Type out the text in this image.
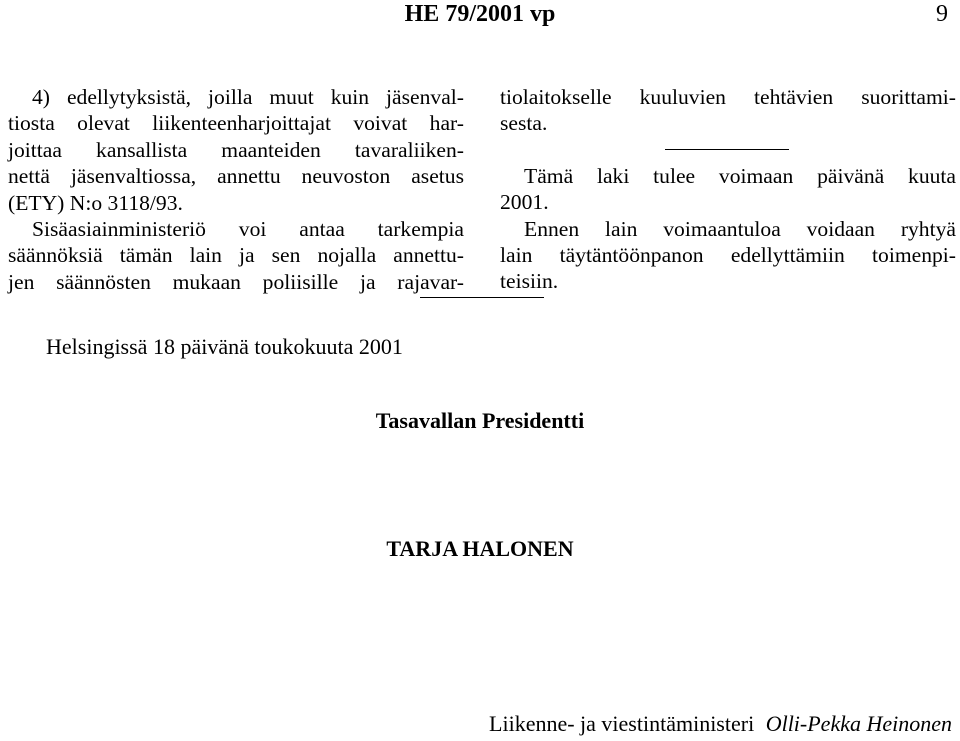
HE 79/2001 vp	9
4) edellytyksistä, joilla muut kuin jäsenval-
tiosta olevat liikenteenharjoittajat voivat har-
joittaa kansallista maanteiden tavaraliiken-
nettä jäsenvaltiossa, annettu neuvoston asetus
(ETY) N:o 3118/93.
Sisäasiainministeriö voi antaa tarkempia
säännöksiä tämän lain ja sen nojalla annettu-
jen säännösten mukaan poliisille ja rajavar-
tiolaitokselle kuuluvien tehtävien suorittami-
sesta.
Tämä laki tulee voimaan päivänä kuuta
2001.
Ennen lain voimaantuloa voidaan ryhtyä
lain täytäntöönpanon edellyttämiin toimenpi-
teisiin.
Helsingissä 18 päivänä toukokuuta 2001
Tasavallan Presidentti
TARJA HALONEN
Liikenne- ja viestintäministeri Olli-Pekka Heinonen
